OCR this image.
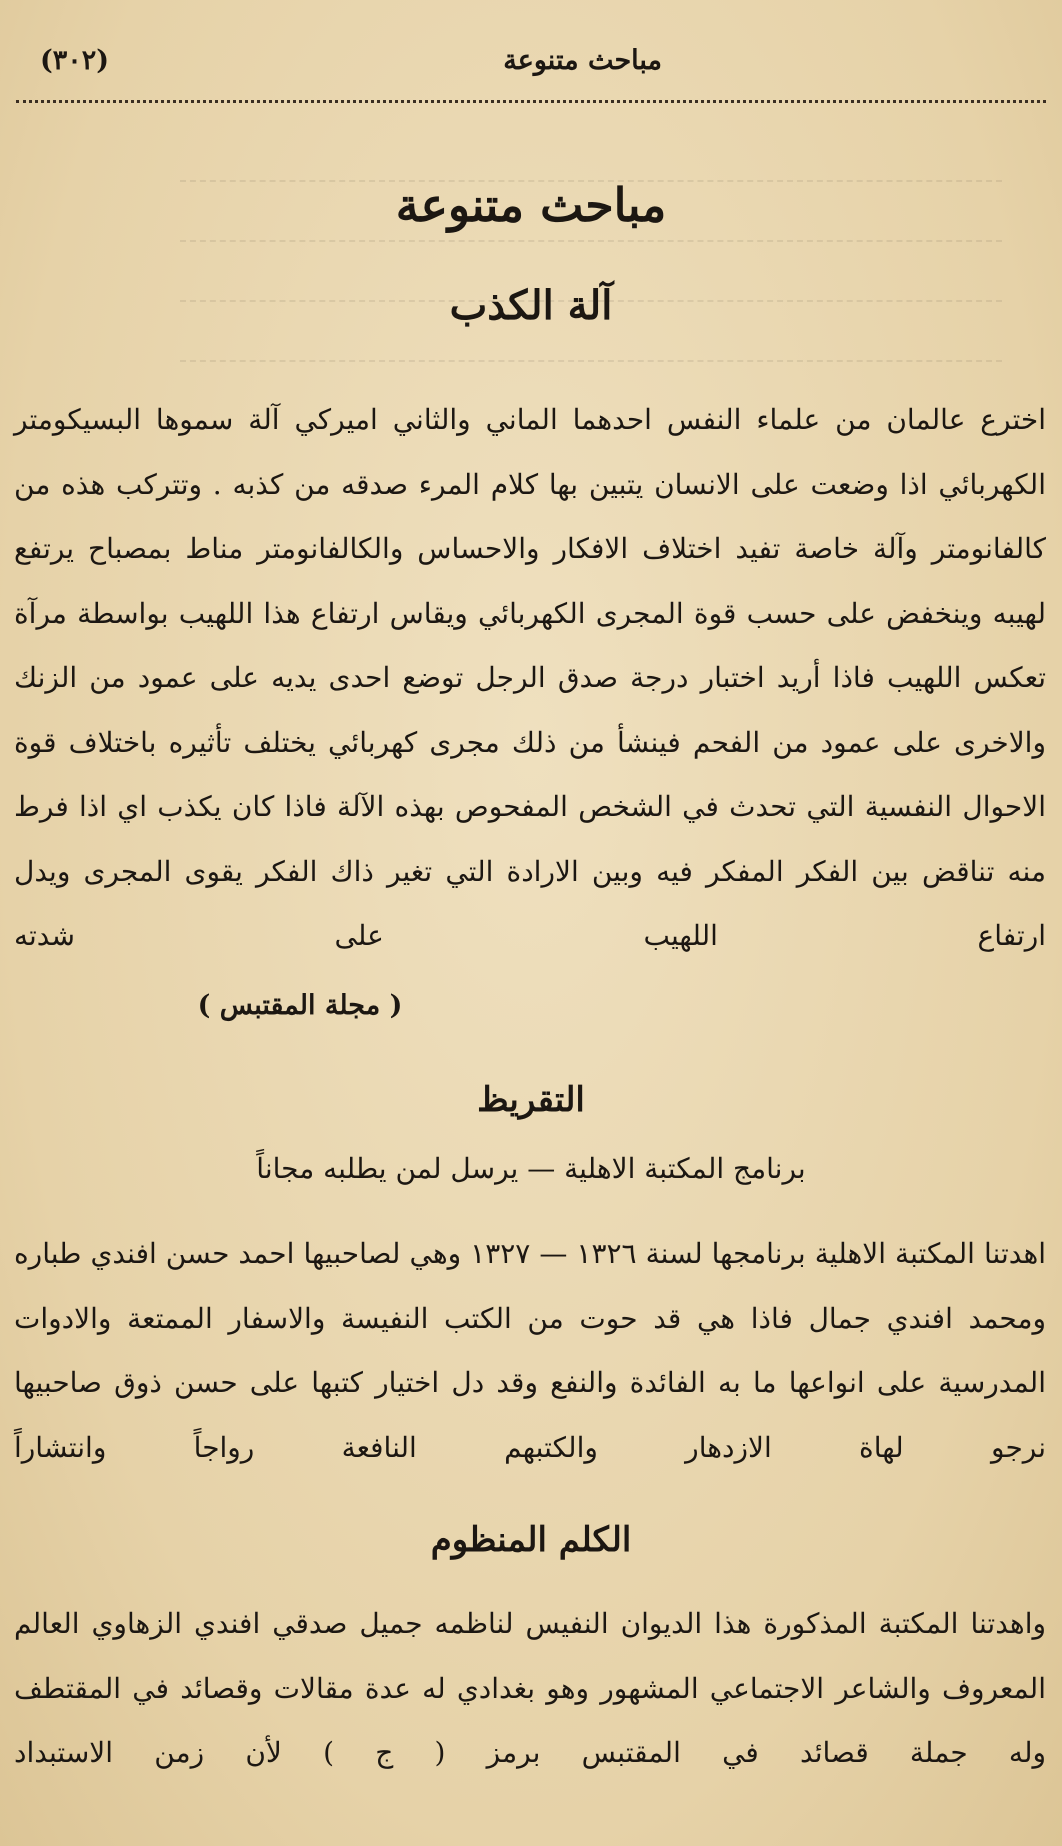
مباحث متنوعة
(٣٠٢)
مباحث متنوعة
آلة الكذب

اخترع عالمان من علماء النفس احدهما الماني والثاني اميركي آلة سموها البسيكومتر الكهربائي اذا وضعت على الانسان يتبين بها كلام المرء صدقه من كذبه . وتتركب هذه من كالفانومتر وآلة خاصة تفيد اختلاف الافكار والاحساس والكالفانومتر مناط بمصباح يرتفع لهيبه وينخفض على حسب قوة المجرى الكهربائي ويقاس ارتفاع هذا اللهيب بواسطة مرآة تعكس اللهيب فاذا أريد اختبار درجة صدق الرجل توضع احدى يديه على عمود من الزنك والاخرى على عمود من الفحم فينشأ من ذلك مجرى كهربائي يختلف تأثيره باختلاف قوة الاحوال النفسية التي تحدث في الشخص المفحوص بهذه الآلة فاذا كان يكذب اي اذا فرط منه تناقض بين الفكر المفكر فيه وبين الارادة التي تغير ذاك الفكر يقوى المجرى ويدل ارتفاع اللهيب على شدته

( مجلة المقتبس )
التقريظ
برنامج المكتبة الاهلية — يرسل لمن يطلبه مجاناً

اهدتنا المكتبة الاهلية برنامجها لسنة ١٣٢٦ — ١٣٢٧ وهي لصاحبيها احمد حسن افندي طباره ومحمد افندي جمال فاذا هي قد حوت من الكتب النفيسة والاسفار الممتعة والادوات المدرسية على انواعها ما به الفائدة والنفع وقد دل اختيار كتبها على حسن ذوق صاحبيها نرجو لهاة الازدهار والكتبهم النافعة رواجاً وانتشاراً

الكلم المنظوم

واهدتنا المكتبة المذكورة هذا الديوان النفيس لناظمه جميل صدقي افندي الزهاوي العالم المعروف والشاعر الاجتماعي المشهور وهو بغدادي له عدة مقالات وقصائد في المقتطف وله جملة قصائد في المقتبس برمز ( ج ) لأن زمن الاستبداد
